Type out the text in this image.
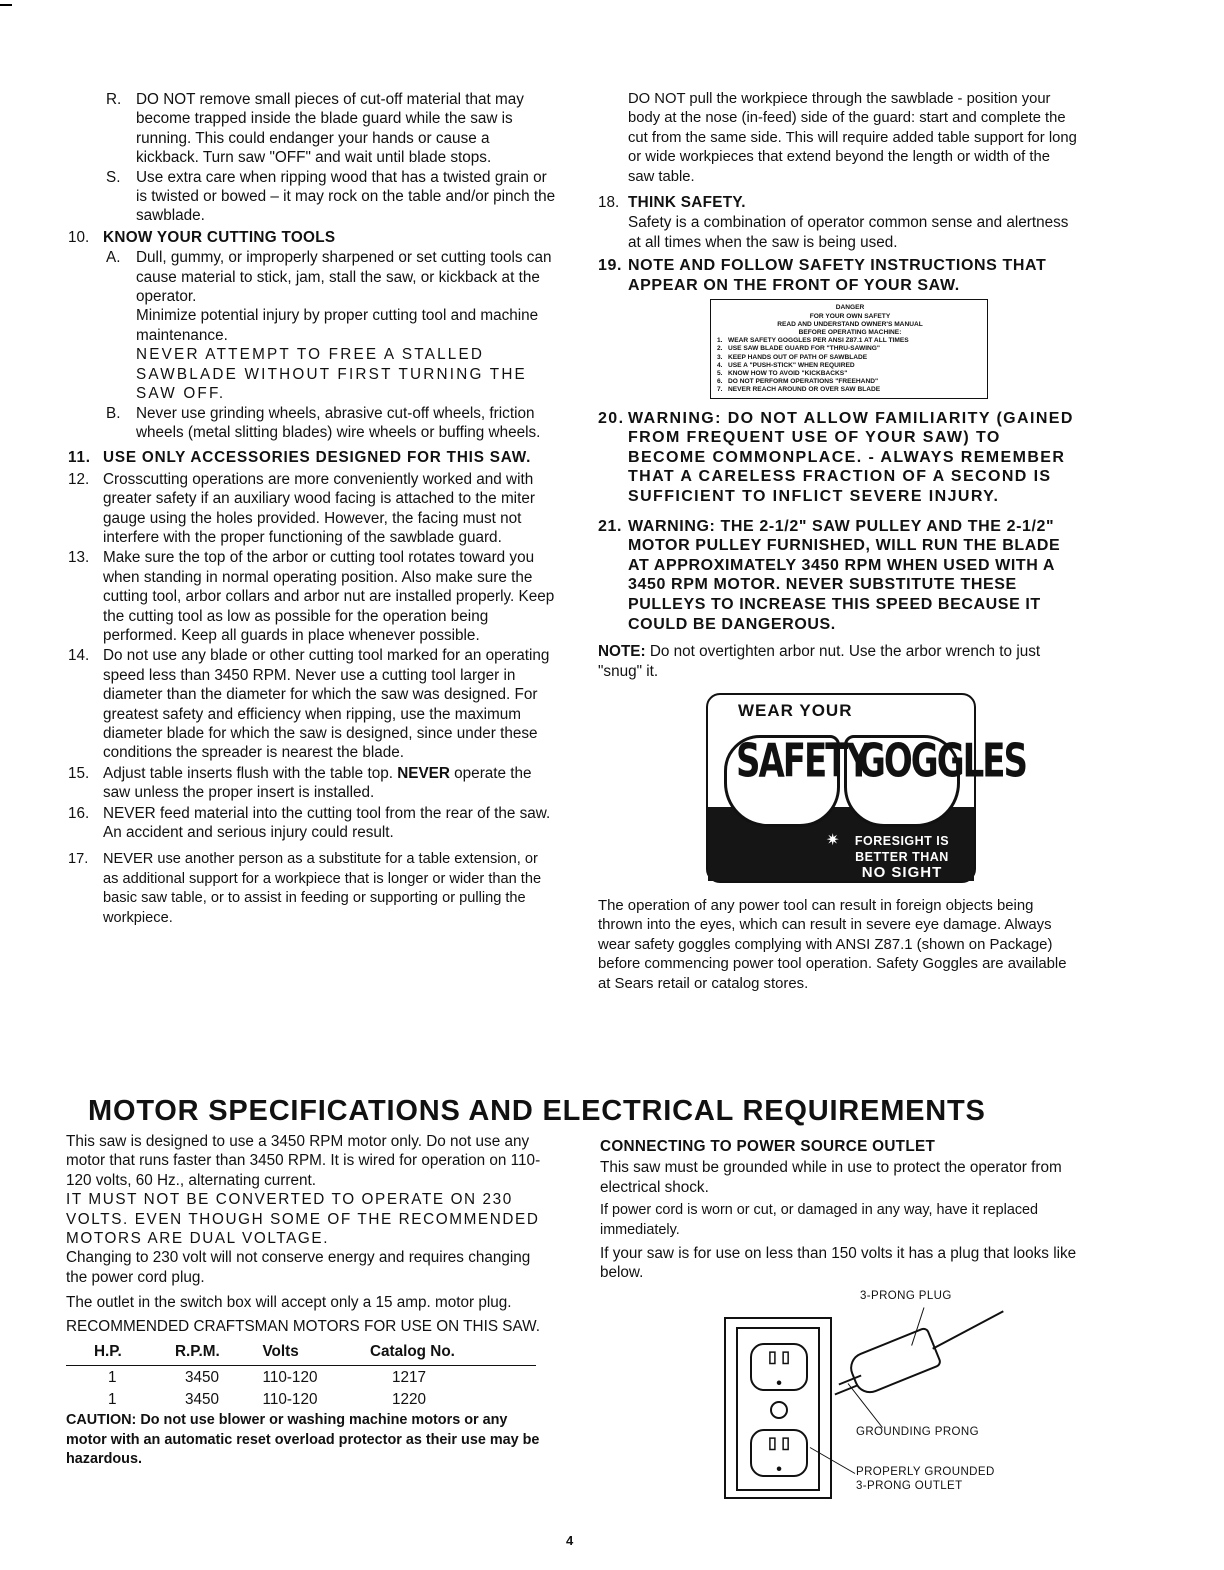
R. DO NOT remove small pieces of cut-off material that may become trapped inside the blade guard while the saw is running. This could endanger your hands or cause a kickback. Turn saw "OFF" and wait until blade stops.
S. Use extra care when ripping wood that has a twisted grain or is twisted or bowed – it may rock on the table and/or pinch the sawblade.
10. KNOW YOUR CUTTING TOOLS
A. Dull, gummy, or improperly sharpened or set cutting tools can cause material to stick, jam, stall the saw, or kickback at the operator.
Minimize potential injury by proper cutting tool and machine maintenance.
NEVER ATTEMPT TO FREE A STALLED SAWBLADE WITHOUT FIRST TURNING THE SAW OFF.
B. Never use grinding wheels, abrasive cut-off wheels, friction wheels (metal slitting blades) wire wheels or buffing wheels.
11. USE ONLY ACCESSORIES DESIGNED FOR THIS SAW.
12. Crosscutting operations are more conveniently worked and with greater safety if an auxiliary wood facing is attached to the miter gauge using the holes provided. However, the facing must not interfere with the proper functioning of the sawblade guard.
13. Make sure the top of the arbor or cutting tool rotates toward you when standing in normal operating position. Also make sure the cutting tool, arbor collars and arbor nut are installed properly. Keep the cutting tool as low as possible for the operation being performed. Keep all guards in place whenever possible.
14. Do not use any blade or other cutting tool marked for an operating speed less than 3450 RPM. Never use a cutting tool larger in diameter than the diameter for which the saw was designed. For greatest safety and efficiency when ripping, use the maximum diameter blade for which the saw is designed, since under these conditions the spreader is nearest the blade.
15. Adjust table inserts flush with the table top. NEVER operate the saw unless the proper insert is installed.
16. NEVER feed material into the cutting tool from the rear of the saw. An accident and serious injury could result.
17. NEVER use another person as a substitute for a table extension, or as additional support for a workpiece that is longer or wider than the basic saw table, or to assist in feeding or supporting or pulling the workpiece.
DO NOT pull the workpiece through the sawblade - position your body at the nose (in-feed) side of the guard: start and complete the cut from the same side. This will require added table support for long or wide workpieces that extend beyond the length or width of the saw table.
18. THINK SAFETY.
Safety is a combination of operator common sense and alertness at all times when the saw is being used.
19. NOTE AND FOLLOW SAFETY INSTRUCTIONS THAT APPEAR ON THE FRONT OF YOUR SAW.
DANGER
FOR YOUR OWN SAFETY
READ AND UNDERSTAND OWNER'S MANUAL
BEFORE OPERATING MACHINE:
1. WEAR SAFETY GOGGLES PER ANSI Z87.1 AT ALL TIMES
2. USE SAW BLADE GUARD FOR "THRU-SAWING"
3. KEEP HANDS OUT OF PATH OF SAWBLADE
4. USE A "PUSH-STICK" WHEN REQUIRED
5. KNOW HOW TO AVOID "KICKBACKS"
6. DO NOT PERFORM OPERATIONS "FREEHAND"
7. NEVER REACH AROUND OR OVER SAW BLADE
20. WARNING: DO NOT ALLOW FAMILIARITY (GAINED FROM FREQUENT USE OF YOUR SAW) TO BECOME COMMONPLACE. - ALWAYS REMEMBER THAT A CARELESS FRACTION OF A SECOND IS SUFFICIENT TO INFLICT SEVERE INJURY.
21. WARNING: THE 2-1/2" SAW PULLEY AND THE 2-1/2" MOTOR PULLEY FURNISHED, WILL RUN THE BLADE AT APPROXIMATELY 3450 RPM WHEN USED WITH A 3450 RPM MOTOR. NEVER SUBSTITUTE THESE PULLEYS TO INCREASE THIS SPEED BECAUSE IT COULD BE DANGEROUS.
NOTE: Do not overtighten arbor nut. Use the arbor wrench to just "snug" it.
WEAR YOUR
SAFETY
GOGGLES
✷	FORESIGHT IS
BETTER THAN
NO SIGHT
The operation of any power tool can result in foreign objects being thrown into the eyes, which can result in severe eye damage. Always wear safety goggles complying with ANSI Z87.1 (shown on Package) before commencing power tool operation. Safety Goggles are available at Sears retail or catalog stores.
MOTOR SPECIFICATIONS AND ELECTRICAL REQUIREMENTS
This saw is designed to use a 3450 RPM motor only. Do not use any motor that runs faster than 3450 RPM. It is wired for operation on 110-120 volts, 60 Hz., alternating current.
IT MUST NOT BE CONVERTED TO OPERATE ON 230 VOLTS. EVEN THOUGH SOME OF THE RECOMMENDED MOTORS ARE DUAL VOLTAGE.
Changing to 230 volt will not conserve energy and requires changing the power cord plug.
The outlet in the switch box will accept only a 15 amp. motor plug.
RECOMMENDED CRAFTSMAN MOTORS FOR USE ON THIS SAW.
H.P.	R.P.M.	Volts	Catalog No.
1	3450	110-120	1217
1	3450	110-120	1220
CAUTION: Do not use blower or washing machine motors or any motor with an automatic reset overload protector as their use may be hazardous.
CONNECTING TO POWER SOURCE OUTLET
This saw must be grounded while in use to protect the operator from electrical shock.
If power cord is worn or cut, or damaged in any way, have it replaced immediately.
If your saw is for use on less than 150 volts it has a plug that looks like below.
▯ ▯
•
▯ ▯
•
3-PRONG PLUG
GROUNDING PRONG
PROPERLY GROUNDED
3-PRONG OUTLET
4
